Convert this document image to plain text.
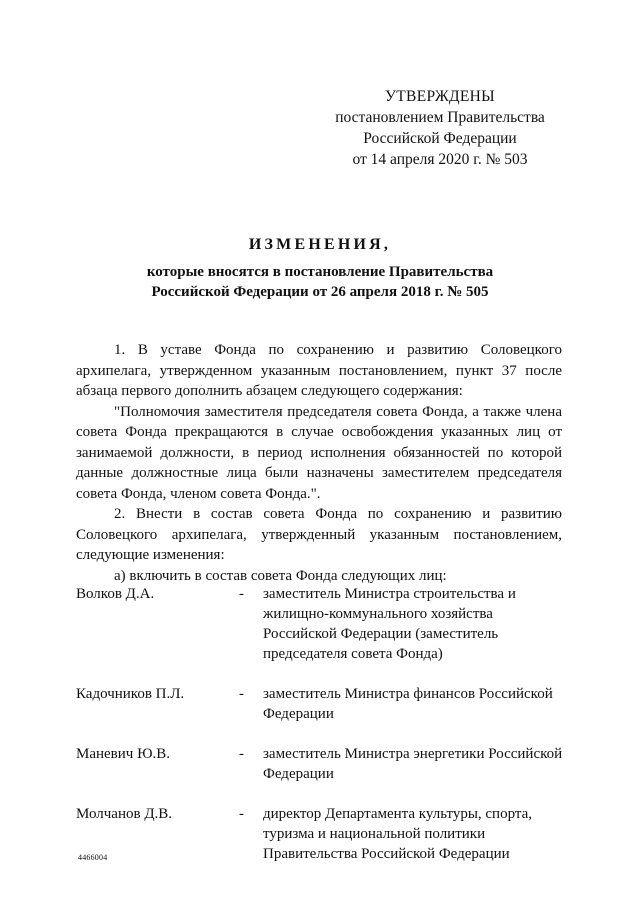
УТВЕРЖДЕНЫ
постановлением Правительства
Российской Федерации
от 14 апреля 2020 г. № 503
ИЗМЕНЕНИЯ,
которые вносятся в постановление Правительства
Российской Федерации от 26 апреля 2018 г. № 505

1. В уставе Фонда по сохранению и развитию Соловецкого архипелага, утвержденном указанным постановлением, пункт 37 после абзаца первого дополнить абзацем следующего содержания:

"Полномочия заместителя председателя совета Фонда, а также члена совета Фонда прекращаются в случае освобождения указанных лиц от занимаемой должности, в период исполнения обязанностей по которой данные должностные лица были назначены заместителем председателя совета Фонда, членом совета Фонда.".

2. Внести в состав совета Фонда по сохранению и развитию Соловецкого архипелага, утвержденный указанным постановлением, следующие изменения:

а) включить в состав совета Фонда следующих лиц:

Волков Д.А.	-	заместитель Министра строительства и жилищно-коммунального хозяйства Российской Федерации (заместитель председателя совета Фонда)
Кадочников П.Л.	-	заместитель Министра финансов Российской Федерации
Маневич Ю.В.	-	заместитель Министра энергетики Российской Федерации
Молчанов Д.В.	-	директор Департамента культуры, спорта, туризма и национальной политики Правительства Российской Федерации
4466004
